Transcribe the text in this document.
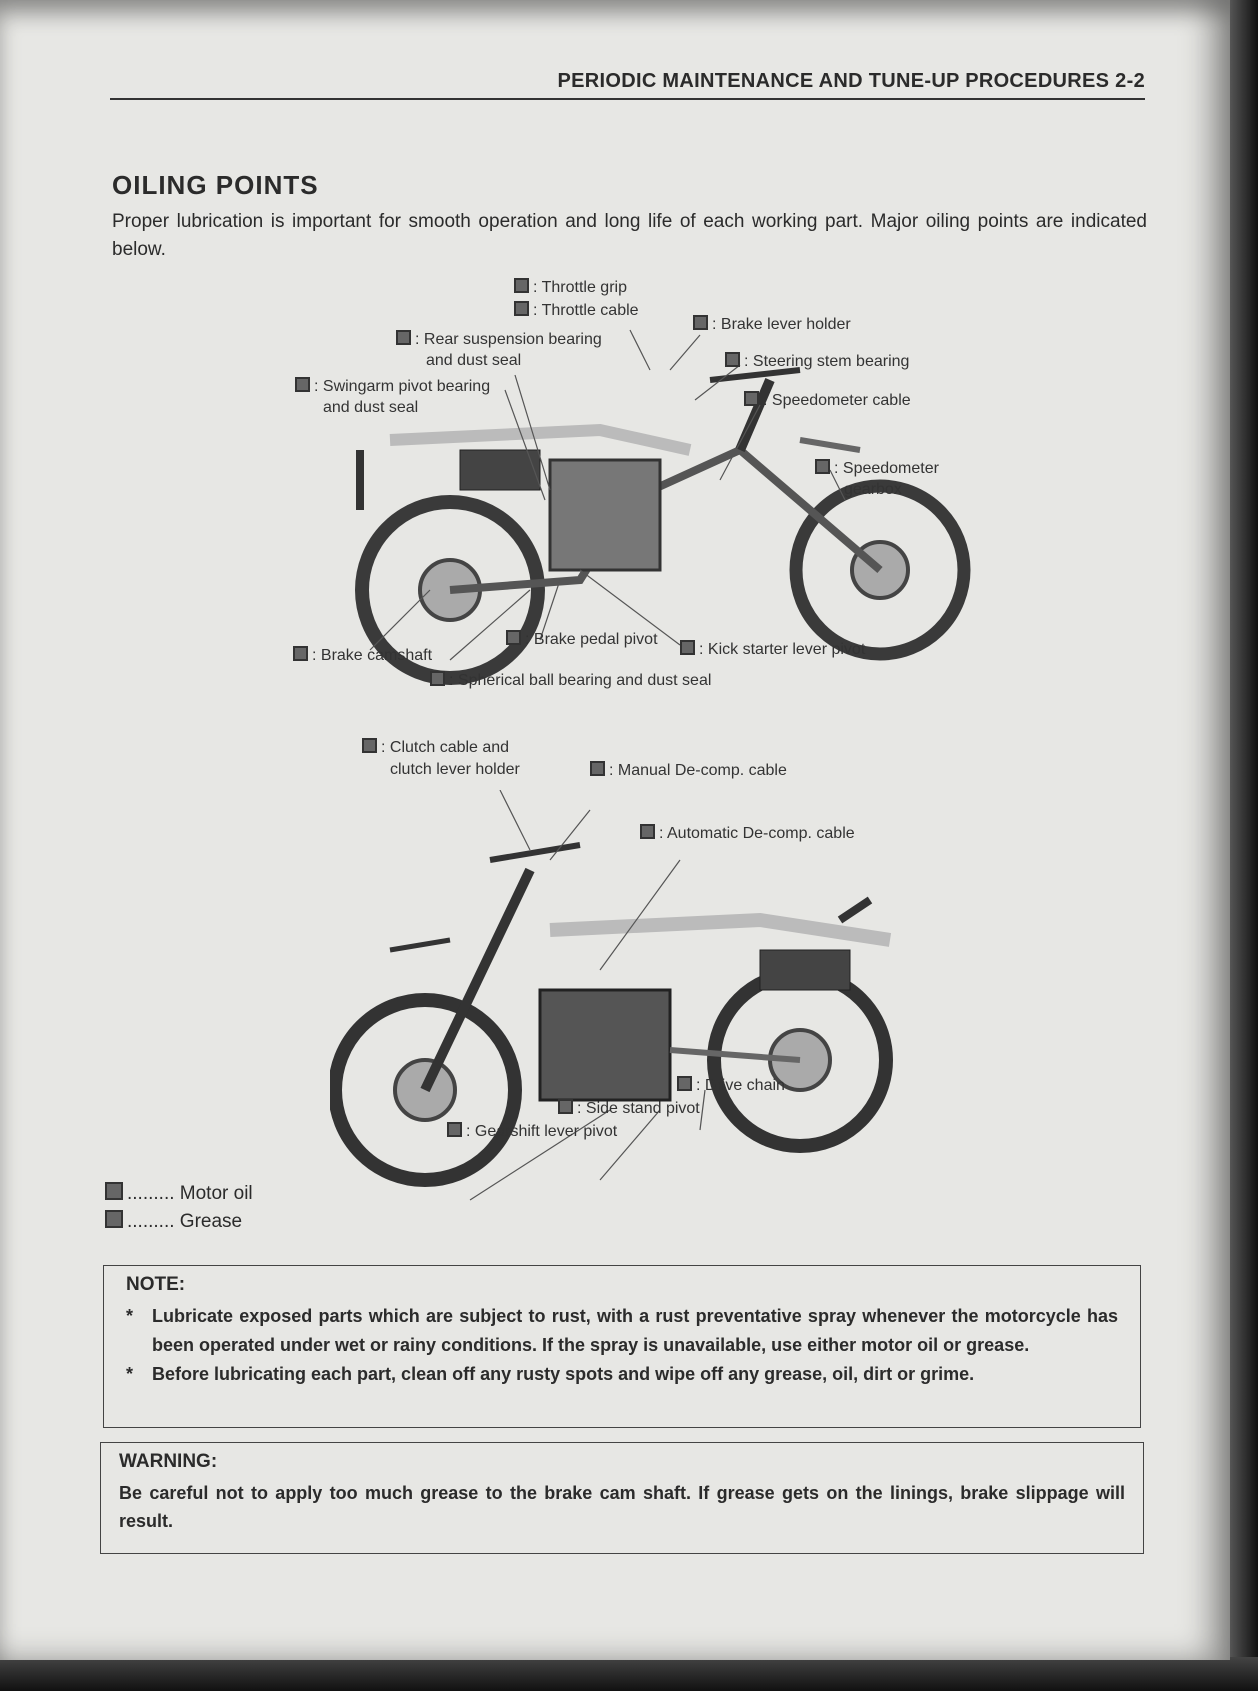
PERIODIC MAINTENANCE AND TUNE-UP PROCEDURES 2-2
OILING POINTS
Proper lubrication is important for smooth operation and long life of each working part. Major oiling points are indicated below.
: Throttle grip
: Throttle cable
: Brake lever holder
: Rear suspension bearing
and dust seal	: Steering stem bearing
: Swingarm pivot bearing
and dust seal	: Speedometer cable
: Speedometer
gearbox
: Brake pedal pivot
: Kick starter lever pivot
: Brake camshaft
: Spherical ball bearing and dust seal
: Clutch cable and
clutch lever holder	: Manual De-comp. cable
: Automatic De-comp. cable
: Drive chain
: Side stand pivot
: Gearshift lever pivot
......... Motor oil
......... Grease
NOTE:
* Lubricate exposed parts which are subject to rust, with a rust preventative spray whenever the motorcycle has been operated under wet or rainy conditions. If the spray is unavailable, use either motor oil or grease.
* Before lubricating each part, clean off any rusty spots and wipe off any grease, oil, dirt or grime.
WARNING:
Be careful not to apply too much grease to the brake cam shaft. If grease gets on the linings, brake slippage will result.
